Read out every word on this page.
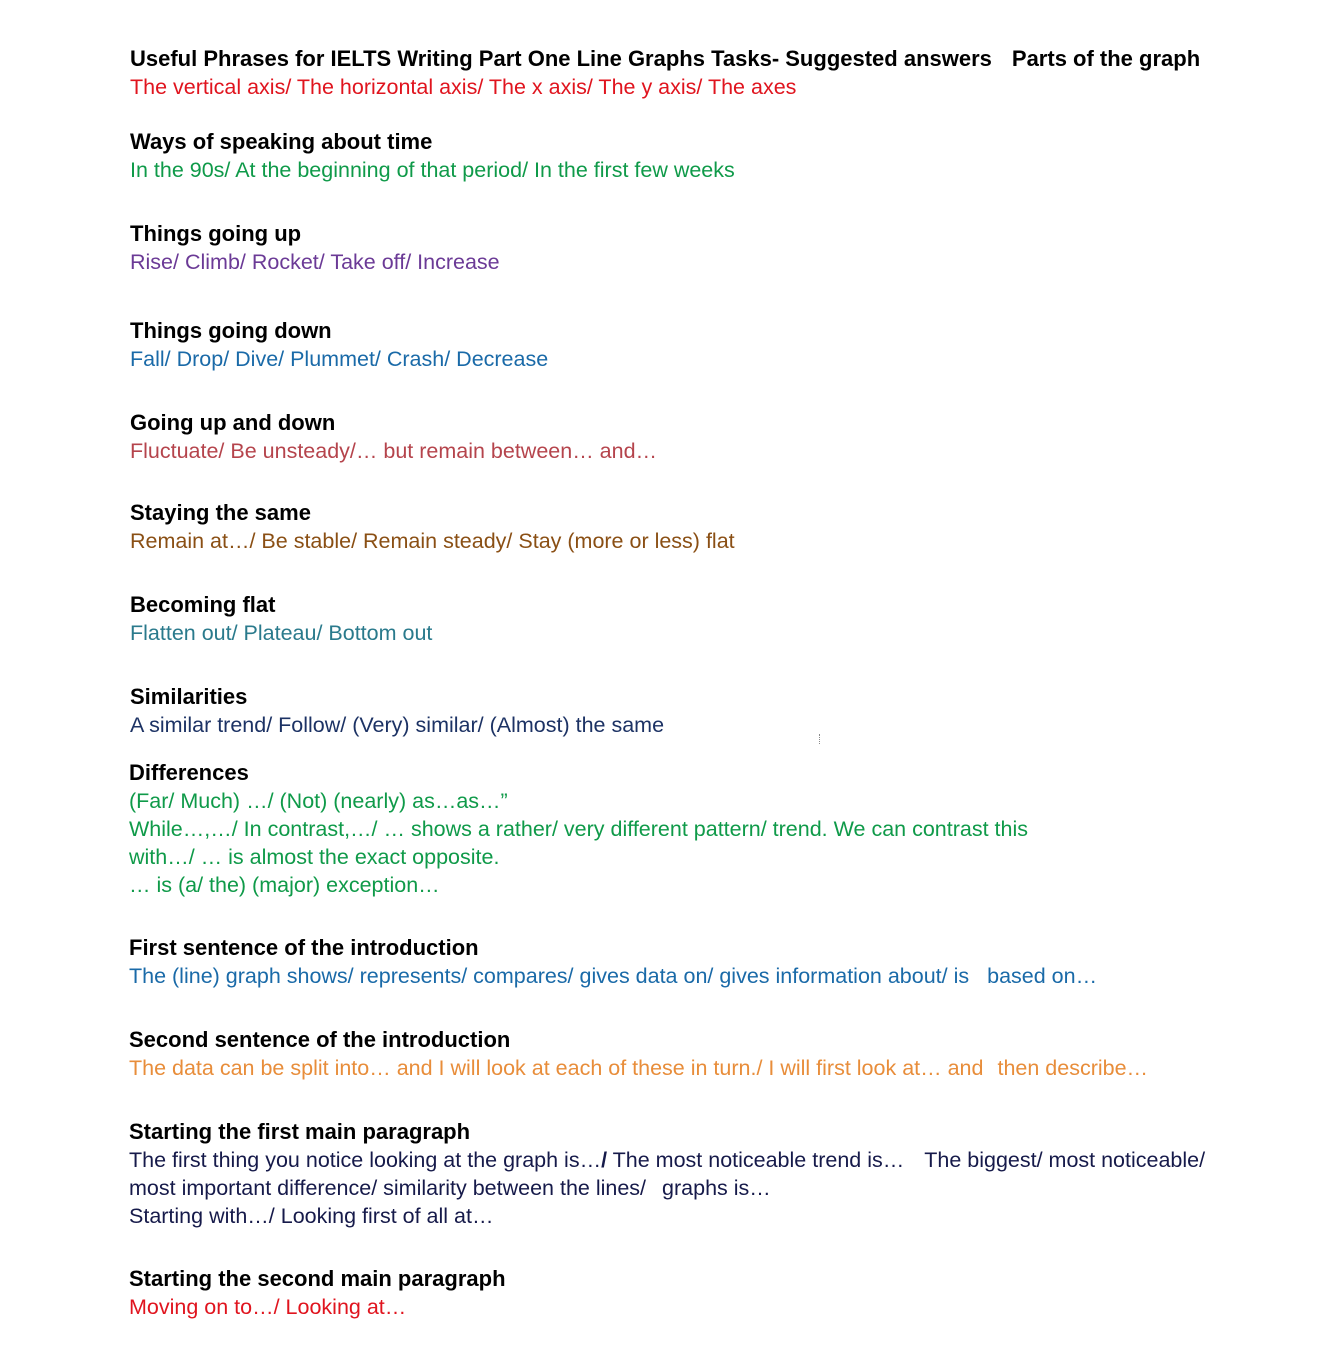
Useful Phrases for IELTS Writing Part One Line Graphs Tasks- Suggested answers Parts of the graph
The vertical axis/ The horizontal axis/ The x axis/ The y axis/ The axes
Ways of speaking about time
In the 90s/ At the beginning of that period/ In the first few weeks
Things going up
Rise/ Climb/ Rocket/ Take off/ Increase
Things going down
Fall/ Drop/ Dive/ Plummet/ Crash/ Decrease
Going up and down
Fluctuate/ Be unsteady/… but remain between… and…
Staying the same
Remain at…/ Be stable/ Remain steady/ Stay (more or less) flat
Becoming flat
Flatten out/ Plateau/ Bottom out
Similarities
A similar trend/ Follow/ (Very) similar/ (Almost) the same
Differences
(Far/ Much) …/ (Not) (nearly) as…as…”
While…,…/ In contrast,…/ … shows a rather/ very different pattern/ trend. We can contrast this
with…/ … is almost the exact opposite.
… is (a/ the) (major) exception…
First sentence of the introduction
The (line) graph shows/ represents/ compares/ gives data on/ gives information about/ is based on…
Second sentence of the introduction
The data can be split into… and I will look at each of these in turn./ I will first look at… and then describe…
Starting the first main paragraph
The first thing you notice looking at the graph is…/ The most noticeable trend is… The biggest/ most noticeable/
most important difference/ similarity between the lines/ graphs is…
Starting with…/ Looking first of all at…
Starting the second main paragraph
Moving on to…/ Looking at…
